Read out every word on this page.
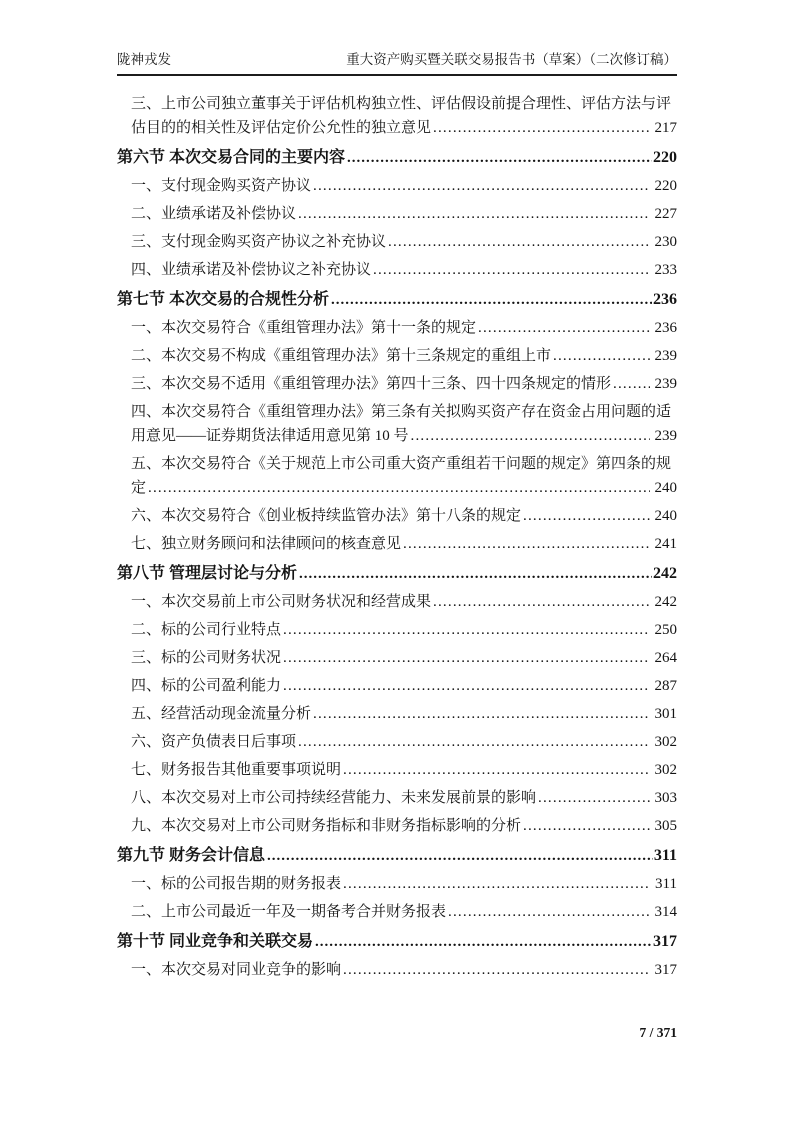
陇神戎发	重大资产购买暨关联交易报告书（草案）（二次修订稿）
三、上市公司独立董事关于评估机构独立性、评估假设前提合理性、评估方法与评
估目的的相关性及评估定价公允性的独立意见 .....	217
第六节 本次交易合同的主要内容 .....	220
一、支付现金购买资产协议 .....	220
二、业绩承诺及补偿协议 .....	227
三、支付现金购买资产协议之补充协议 .....	230
四、业绩承诺及补偿协议之补充协议 .....	233
第七节 本次交易的合规性分析 .....	236
一、本次交易符合《重组管理办法》第十一条的规定 .....	236
二、本次交易不构成《重组管理办法》第十三条规定的重组上市 .....	239
三、本次交易不适用《重组管理办法》第四十三条、四十四条规定的情形 .....	239
四、本次交易符合《重组管理办法》第三条有关拟购买资产存在资金占用问题的适
用意见——证券期货法律适用意见第 10 号 .....	239
五、本次交易符合《关于规范上市公司重大资产重组若干问题的规定》第四条的规
定 .....	240
六、本次交易符合《创业板持续监管办法》第十八条的规定 .....	240
七、独立财务顾问和法律顾问的核查意见 .....	241
第八节 管理层讨论与分析 .....	242
一、本次交易前上市公司财务状况和经营成果 .....	242
二、标的公司行业特点 .....	250
三、标的公司财务状况 .....	264
四、标的公司盈利能力 .....	287
五、经营活动现金流量分析 .....	301
六、资产负债表日后事项 .....	302
七、财务报告其他重要事项说明 .....	302
八、本次交易对上市公司持续经营能力、未来发展前景的影响 .....	303
九、本次交易对上市公司财务指标和非财务指标影响的分析 .....	305
第九节 财务会计信息 .....	311
一、标的公司报告期的财务报表 .....	311
二、上市公司最近一年及一期备考合并财务报表 .....	314
第十节 同业竞争和关联交易 .....	317
一、本次交易对同业竞争的影响 .....	317
7 / 371
